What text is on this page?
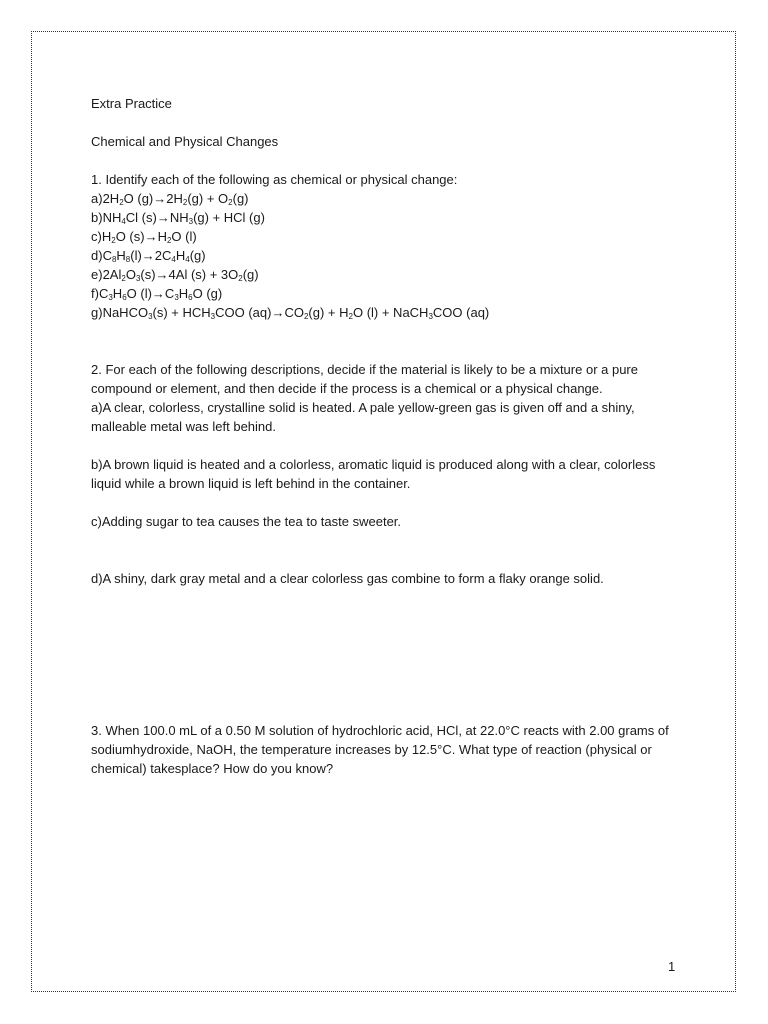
Extra Practice
Chemical and Physical Changes
1. Identify each of the following as chemical or physical change:
$a)2H_2O$ $(g)\to 2H_2(g) + O_2(g)$
$b)NH_4Cl$ $(s)\to NH_3(g)$ + HCl (g)
$c)H_2O$ $(s)\to H_2O$ (l)
$d)C_8H_8(l)\to 2C_4H_4(g)$
$e)2Al_2O_3(s)\to 4Al$ $(s) + 3O_2(g)$
$f)C_3H_6O$ $(l)\to C_3H_6O$ (g)
g)NaHCO$_3$(s) + $HCH_3COO$ $(aq)\to CO_2(g) + H_2O$ (l) + NaCH$_3$COO (aq)
2. For each of the following descriptions, decide if the material is likely to be a mixture or a pure compound or element, and then decide if the process is a chemical or a physical change.
a)A clear, colorless, crystalline solid is heated. A pale yellow-green gas is given off and a shiny, malleable metal was left behind.
b)A brown liquid is heated and a colorless, aromatic liquid is produced along with a clear, colorless liquid while a brown liquid is left behind in the container.
c)Adding sugar to tea causes the tea to taste sweeter.
d)A shiny, dark gray metal and a clear colorless gas combine to form a flaky orange solid.
3. When 100.0 mL of a 0.50 M solution of hydrochloric acid, HCl, at 22.0°C reacts with 2.00 grams of sodiumhydroxide, NaOH, the temperature increases by 12.5°C. What type of reaction (physical or chemical) takesplace? How do you know?
1
